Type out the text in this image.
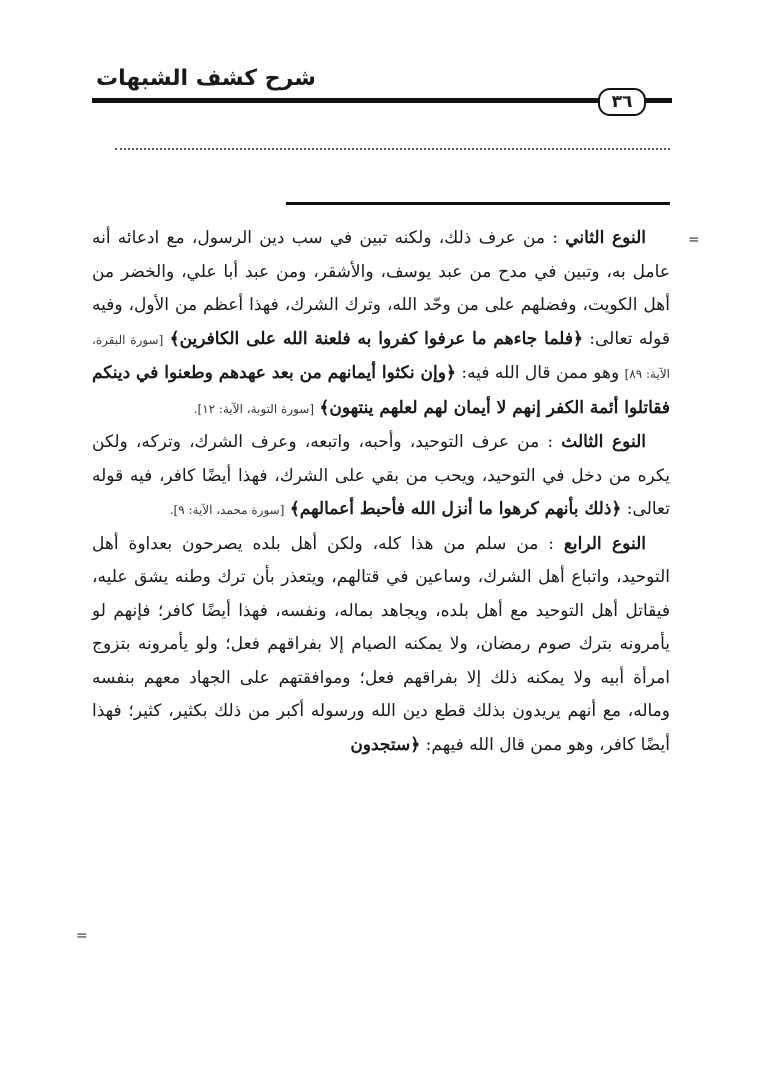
شرح كشف الشبهات
٣٦
=
=

النوع الثاني : من عرف ذلك، ولكنه تبين في سب دين الرسول، مع ادعائه أنه عامل به، وتبين في مدح من عبد يوسف، والأشقر، ومن عبد أبا علي، والخضر من أهل الكويت، وفضلهم على من وحّد الله، وترك الشرك، فهذا أعظم من الأول، وفيه قوله تعالى: ﴿فلما جاءهم ما عرفوا كفروا به فلعنة الله على الكافرين﴾ [سورة البقرة، الآية: ٨٩] وهو ممن قال الله فيه: ﴿وإن نكثوا أيمانهم من بعد عهدهم وطعنوا في دينكم فقاتلوا أئمة الكفر إنهم لا أيمان لهم لعلهم ينتهون﴾ [سورة التوبة، الآية: ١٢].

النوع الثالث : من عرف التوحيد، وأحبه، واتبعه، وعرف الشرك، وتركه، ولكن يكره من دخل في التوحيد، ويحب من بقي على الشرك، فهذا أيضًا كافر، فيه قوله تعالى: ﴿ذلك بأنهم كرهوا ما أنزل الله فأحبط أعمالهم﴾ [سورة محمد، الآية: ٩].

النوع الرابع : من سلم من هذا كله، ولكن أهل بلده يصرحون بعداوة أهل التوحيد، واتباع أهل الشرك، وساعين في قتالهم، ويتعذر بأن ترك وطنه يشق عليه، فيقاتل أهل التوحيد مع أهل بلده، ويجاهد بماله، ونفسه، فهذا أيضًا كافر؛ فإنهم لو يأمرونه بترك صوم رمضان، ولا يمكنه الصيام إلا بفراقهم فعل؛ ولو يأمرونه بتزوج امرأة أبيه ولا يمكنه ذلك إلا بفراقهم فعل؛ وموافقتهم على الجهاد معهم بنفسه وماله، مع أنهم يريدون بذلك قطع دين الله ورسوله أكبر من ذلك بكثير، كثير؛ فهذا أيضًا كافر، وهو ممن قال الله فيهم: ﴿ستجدون
